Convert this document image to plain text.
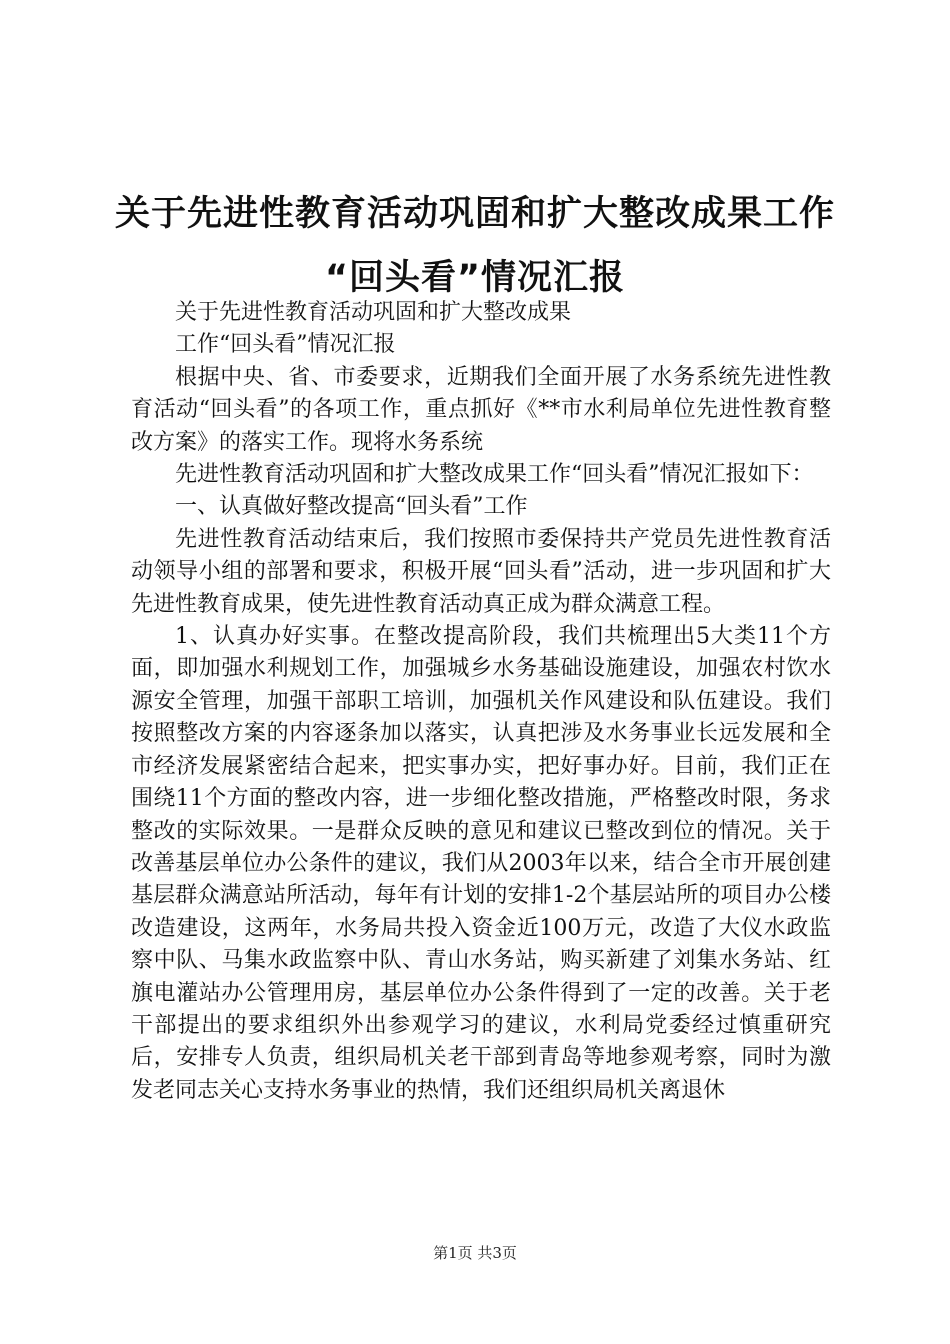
关于先进性教育活动巩固和扩大整改成果工作
“回头看”情况汇报
关于先进性教育活动巩固和扩大整改成果
工作“回头看”情况汇报
根据中央、省、市委要求，近期我们全面开展了水务系统先进性教育活动“回头看”的各项工作，重点抓好《**市水利局单位先进性教育整改方案》的落实工作。现将水务系统
先进性教育活动巩固和扩大整改成果工作“回头看”情况汇报如下：
一、认真做好整改提高“回头看”工作
先进性教育活动结束后，我们按照市委保持共产党员先进性教育活动领导小组的部署和要求，积极开展“回头看”活动，进一步巩固和扩大先进性教育成果，使先进性教育活动真正成为群众满意工程。
1、认真办好实事。在整改提高阶段，我们共梳理出5大类11个方面，即加强水利规划工作，加强城乡水务基础设施建设，加强农村饮水源安全管理，加强干部职工培训，加强机关作风建设和队伍建设。我们按照整改方案的内容逐条加以落实，认真把涉及水务事业长远发展和全市经济发展紧密结合起来，把实事办实，把好事办好。目前，我们正在围绕11个方面的整改内容，进一步细化整改措施，严格整改时限，务求整改的实际效果。一是群众反映的意见和建议已整改到位的情况。关于改善基层单位办公条件的建议，我们从2003年以来，结合全市开展创建基层群众满意站所活动，每年有计划的安排1-2个基层站所的项目办公楼改造建设，这两年，水务局共投入资金近100万元，改造了大仪水政监察中队、马集水政监察中队、青山水务站，购买新建了刘集水务站、红旗电灌站办公管理用房，基层单位办公条件得到了一定的改善。关于老干部提出的要求组织外出参观学习的建议，水利局党委经过慎重研究后，安排专人负责，组织局机关老干部到青岛等地参观考察，同时为激发老同志关心支持水务事业的热情，我们还组织局机关离退休
第1页 共3页
